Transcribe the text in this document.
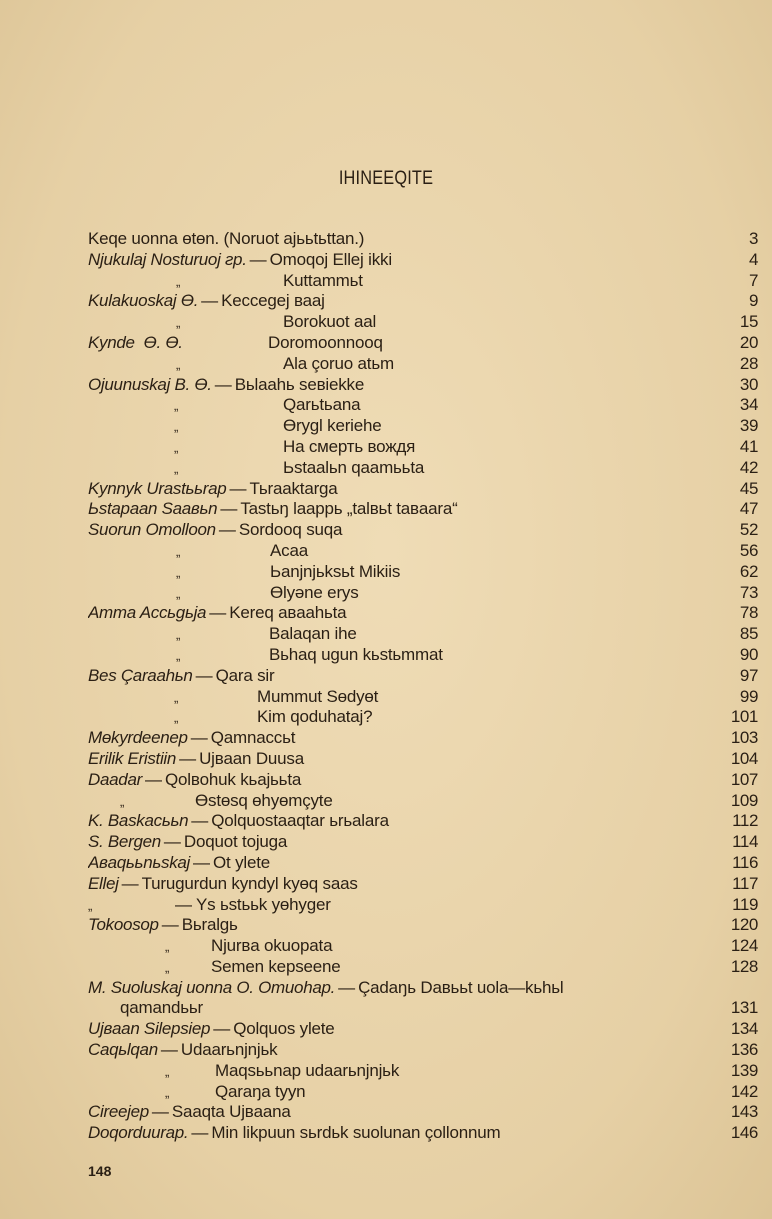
IHINEEQITE
Keqe uonna өtөn. (Noruot ajььtьttan.)	3
Njukulaj Nosturuoj гр. — Omoqoj Ellej ikki	4
„	Kuttammьt	7
Kulakuoskaj Ө. — Keccegej ваaj	9
„	Borokuot aal	15
Kynde  Ө. Ө.	Doromoonnooq	20
„	Ala çoruo atьm	28
Ojuunuskaj B. Ө. — Вьlaahь seвiekke	30
„	Qarьtьana	34
„	Өrygl keriehe	39
„	На смерть вождя	41
„	Ьstaalьn qaamььta	42
Kynnyk Urastььrap — Тьraaktarga	45
Ьstapaan Saaвьn — Tastьŋ laappь „talвьt taвaara“	47
Suorun Omolloon — Sordooq suqa	52
„	Acaa	56
„	Ьanjnjьksьt Mikiis	62
„	Өlyәne erys	73
Amma Accьgьja — Kereq aвaahьta	78
„	Balaqan ihe	85
„	Вьhaq ugun kьstьmmat	90
Bes Çaraahьn — Qara sir	97
„	Mummut Sөdyөt	99
„	Kim qoduhataj?	101
Mөkyrdeenep — Qamnaccьt	103
Erilik Eristiin — Ujвaan Duusa	104
Daadar — Qolвohuk kьajььta	107
„	Өstөsq өhyөmçyte	109
K. Baskacььn — Qolquostaaqtar ьrьalara	112
S. Bergen — Doquot tojuga	114
Aвaqььnьskaj — Ot ylete	116
Ellej — Turugurdun kyndyl kyөq saas	117
„	— Ys ьstььk yөhyger	119
Tokoosop — Вьralgь	120
„	Njurвa okuopata	124
„	Semen kepseene	128
M. Suoluskaj uonna O. Omuohap. — Çadaŋь Daвььt uola—kьhьl
qamandььr	131
Ujвaan Silepsiep — Qolquos ylete	134
Caqьlqan — Udaarьnjnjьk	136
„	Maqsььnap udaarьnjnjьk	139
„	Qaraŋa tyyn	142
Cireejep — Saaqta Ujвaana	143
Doqorduurap. — Min likpuun sьrdьk suolunan çollonnum	146
148
